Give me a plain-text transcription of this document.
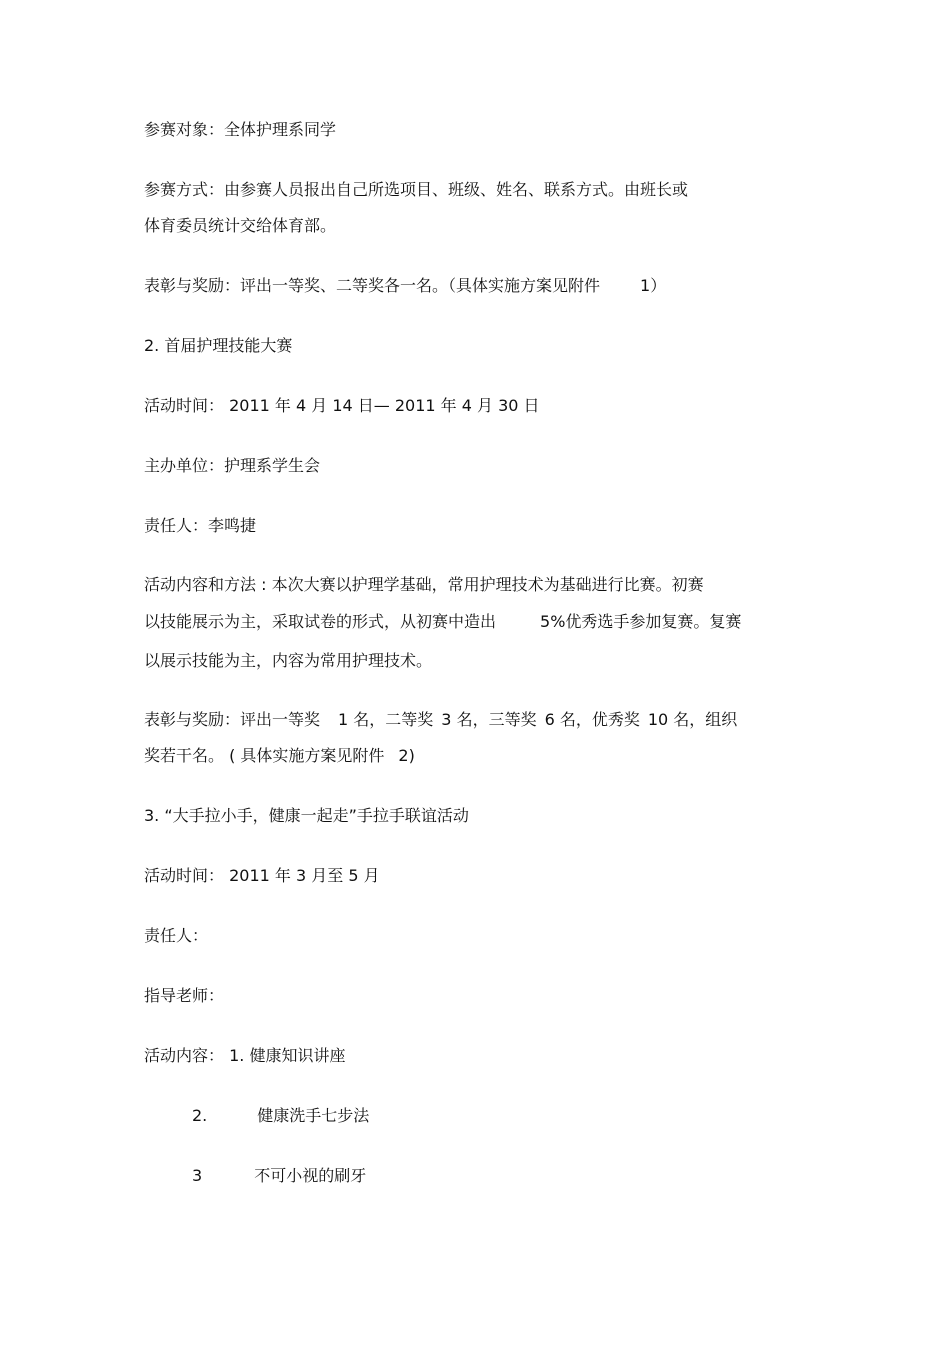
参赛对象：全体护理系同学
参赛方式：由参赛人员报出自己所选项目、班级、姓名、联系方式。由班长或
体育委员统计交给体育部。
表彰与奖励：评出一等奖、二等奖各一名。（具体实施方案见附件	1）
2. 首届护理技能大赛
活动时间： 2011 年 4 月 14 日— 2011 年 4 月 30 日
主办单位：护理系学生会
责任人：李鸣捷
活动内容和方法 : 本次大赛以护理学基础，常用护理技术为基础进行比赛。初赛
以技能展示为主，采取试卷的形式，从初赛中造出	5%优秀选手参加复赛。复赛
以展示技能为主，内容为常用护理技术。
表彰与奖励：评出一等奖 1 名，二等奖 3 名，三等奖 6 名，优秀奖 10 名，组织
奖若干名。 ( 具体实施方案见附件 2)
3. “大手拉小手，健康一起走”手拉手联谊活动
活动时间： 2011 年 3 月至 5 月
责任人：
指导老师：
活动内容： 1. 健康知识讲座
2.	健康洗手七步法
3	不可小视的刷牙
